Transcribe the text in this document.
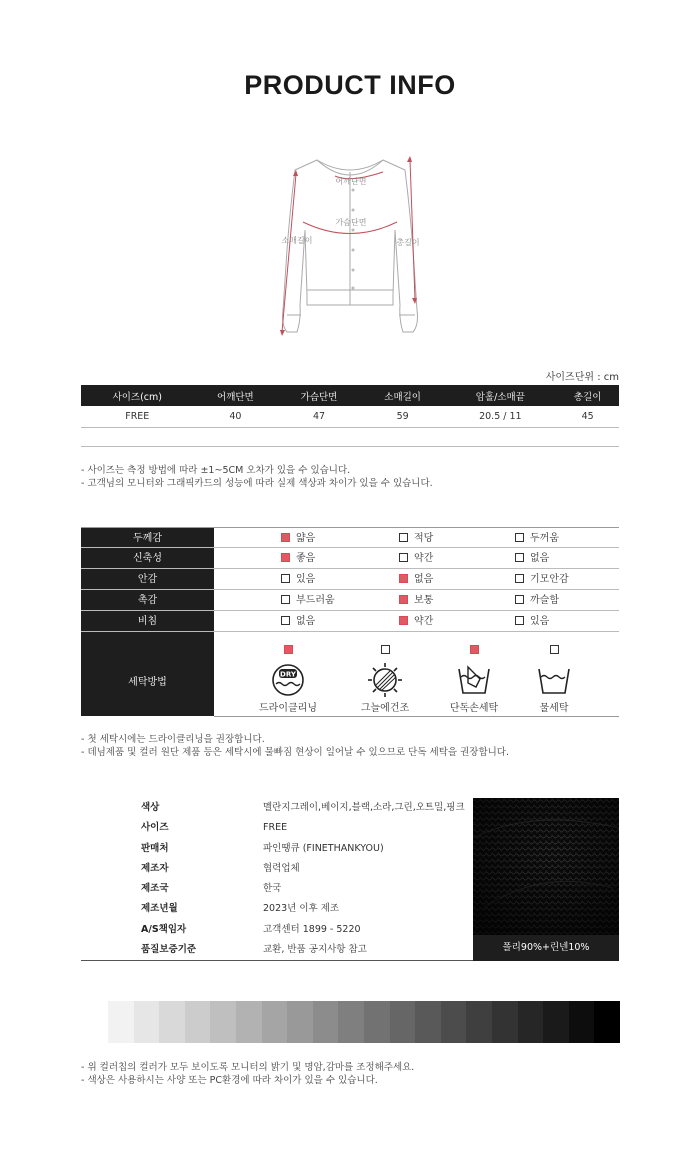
PRODUCT INFO
어깨단면
가슴단면
소매길이	총길이
사이즈단위 : cm
사이즈(cm)	어깨단면	가슴단면	소매길이	암홀/소매끝	총길이
FREE	40	47	59	20.5 / 11	45

- 사이즈는 측정 방법에 따라 ±1~5CM 오차가 있을 수 있습니다.
- 고객님의 모니터와 그래픽카드의 성능에 따라 실제 색상과 차이가 있을 수 있습니다.
두께감	얇음	적당	두꺼움
신축성	좋음	약간	없음
안감	있음	없음	기모안감
촉감	부드러움	보통	까슬함
비침	없음	약간	있음
세탁방법
DRY
드라이클리닝	그늘에건조	단독손세탁	물세탁
- 첫 세탁시에는 드라이클리닝을 권장합니다.
- 데님제품 및 컬러 원단 제품 등은 세탁시에 물빠짐 현상이 일어날 수 있으므로 단독 세탁을 권장합니다.
색상	멜란지그레이,베이지,블랙,소라,그린,오트밀,핑크
사이즈	FREE
판매처	파인땡큐 (FINETHANKYOU)
제조자	협력업체
제조국	한국
제조년월	2023년 이후 제조
A/S책임자	고객센터 1899 - 5220
품질보증기준	교환, 반품 공지사항 참고	폴리90%+린넨10%
- 위 컬러칩의 컬러가 모두 보이도록 모니터의 밝기 및 명암,감마를 조정해주세요.
- 색상은 사용하시는 사양 또는 PC환경에 따라 차이가 있을 수 있습니다.
